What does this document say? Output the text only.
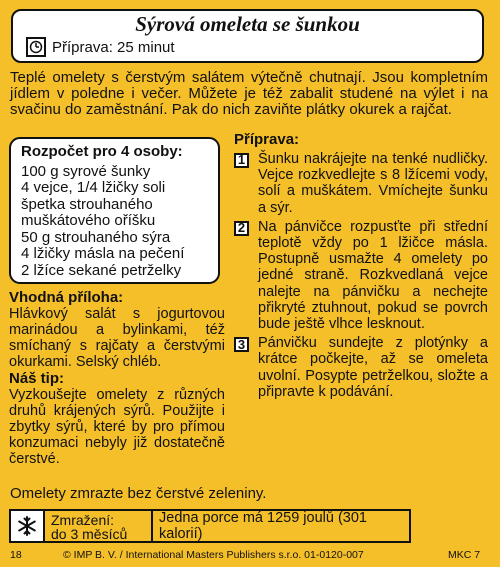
Sýrová omeleta se šunkou
Příprava: 25 minut
Teplé omelety s čerstvým salátem výtečně chutnají. Jsou kompletním jídlem v poledne i večer. Můžete je též zabalit studené na výlet i na svačinu do zaměstnání. Pak do nich zaviňte plátky okurek a rajčat.
Rozpočet pro 4 osoby:
100 g syrové šunky
4 vejce, 1/4 lžičky soli
špetka strouhaného
muškátového oříšku
50 g strouhaného sýra
4 lžičky másla na pečení
2 lžíce sekané petrželky

Vhodná příloha:

Hlávkový salát s jogurtovou marinádou a bylinkami, též smíchaný s rajčaty a čerstvými okurkami. Selský chléb.

Náš tip:

Vyzkoušejte omelety z různých druhů krájených sýrů. Použijte i zbytky sýrů, které by pro přímou konzumaci nebyly již dostatečně čerstvé.

Příprava:

1 Šunku nakrájejte na tenké nudličky. Vejce rozkvedlejte s 8 lžícemi vody, solí a muškátem. Vmíchejte šunku a sýr.
2 Na pánvičce rozpusťte při střední teplotě vždy po 1 lžičce másla. Postupně usmažte 4 omelety po jedné straně. Rozkvedlaná vejce nalejte na pánvičku a nechejte přikryté ztuhnout, pokud se povrch bude ještě vlhce lesknout.
3 Pánvičku sundejte z plotýnky a krátce počkejte, až se omeleta uvolní. Posypte petrželkou, složte a připravte k podávání.
Omelety zmrazte bez čerstvé zeleniny.
Zmražení:
do 3 měsíců
Jedna porce má 1259 joulů (301 kalorií)
18	© IMP B. V. / International Masters Publishers s.r.o. 01-0120-007	MKC 7
